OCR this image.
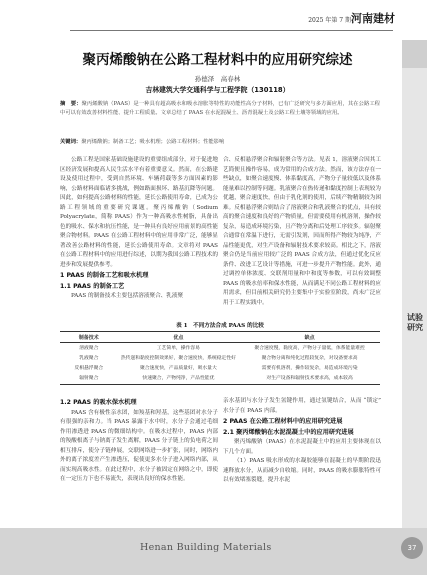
2025 年第 7 期 河南建材
试验研究
聚丙烯酸钠在公路工程材料中的应用研究综述
孙德泽　高春林
吉林建筑大学交通科学与工程学院（130118）
摘　要：聚丙烯酸钠（PAAS）是一种具有超高吸水和吸水溶胀等特性的功能性高分子材料，已有广泛研究与多方面应用，其在公路工程中可以有效改善材料性能、提升工程质量。文章总结了 PAAS 在水泥混凝土、沥青混凝土及公路工程土壤等领域的应用。
关键词：聚丙烯酸钠；制备工艺；吸水机理；公路工程材料；性能影响

公路工程是国家基础设施建设的重要组成部分，对于促进地区经济发展和提高人民生活水平有着重要意义。然而，在公路建设及使用过程中，受到自然环境、车辆荷载等多方面因素的影响，公路材料面临诸多挑战，例如路面损坏、路基沉降等问题。因此，如何提高公路材料的性能，延长公路使用寿命，已成为公路工程领域的重要研究课题。聚丙烯酸钠（Sodium Polyacrylate，简称 PAAS）作为一种高吸水性树脂，具备出色的吸水、保水和抗压性能，是一种具有良好应用前景的高性能聚合物材料。PAAS 在公路工程材料中的应用非常广泛，能够显著改善公路材料的性能，延长公路使用寿命。文章将对 PAAS 在公路工程材料中的应用进行综述，以期为我国公路工程技术的进步和发展提供参考。

1 PAAS 的制备工艺和吸水机理
1.1 PAAS 的制备工艺

PAAS 的制备技术主要包括溶液聚合、乳液聚

合、反相悬浮聚合和辐射聚合等方法。见表 1，溶液聚合因其工艺简便且操作容易，成为常用的合成方法。然而，该方法存在一些缺点，如聚合速度慢、体系黏度高，产物分子量较低以及体系能量难以控制等问题。乳液聚合在热传递和黏度控制上表现较为优越，聚合速度快，但由于乳化剂的使用，后续产物精制较为困难。反相悬浮聚合则结合了溶液聚合和乳液聚合的优点，具有较高的聚合速度和良好的产物质量，但需要使用有机溶剂，操作较复杂，易造成环境污染，且产物分离和后处理工序较多。辐射聚合通常在常温下进行，无需引发剂，因而所得产物较为纯净，产品性能更优，对生产设备和辐射技术要求较高。相比之下，溶液聚合仍是当前应用较广泛的 PAAS 合成方法，但通过优化反应条件、改进工艺设计等措施，可进一步提升产物性能。此外，通过调控单体浓度、交联剂用量和中和度等参数，可以有效调整 PAAS 的吸水倍率和保水性能，从而满足不同公路工程材料的应用需求，但目前相关研究仍主要集中于实验室阶段，尚未广泛应用于工程实践中。

表 1　不同方法合成 PAAS 的比较
制备技术	优点	缺点
溶液聚合	工艺简单，操作容易	聚合速度慢，黏度高，产物分子量低，体系能量难控
乳液聚合	热传递和黏度控制效果好，聚合速度快，系统稳定性好	聚合物分离和纯化过程较复杂，对设备要求高
反相悬浮聚合	聚合速度快，产品质量好，吸水量大	需要有机溶剂，操作较复杂，易造成环境污染
辐射聚合	快速聚合，产物纯净，产品性能优	对生产设备和辐射技术要求高，成本较高
1.2 PAAS 的吸水保水机理

PAAS 含有极性亲水团，如羧基和羟基，这些基团对水分子有很强的亲和力。当 PAAS 暴露于水中时，水分子会通过毛细作用渗透进 PAAS 的微细结构中。在吸水过程中，PAAS 内部的羧酸根离子与钠离子发生离解，PAAS 分子链上的负电荷之间相互排斥，使分子链伸展，交联网络进一步扩张，同时，网络内外的离子浓度差产生渗透压，促使更多水分子进入网络内部，从而实现高吸水性。在此过程中，水分子被固定在网络之中，即使在一定压力下也不易流失，表现出良好的保水性能。

亲水基团与水分子发生氢键作用，通过氢键结合，从而 “锁定” 水分子在 PAAS 内部。

2 PAAS 在公路工程材料中的应用研究进展
2.1 聚丙烯酸钠在水泥混凝土中的应用研究进展

聚丙烯酸钠（PAAS）在水泥混凝土中的应用主要体现在以下几个方面。

（1）PAAS 吸水形成的水凝胶能够在混凝土的早期阶段迅速释放水分，从而减少自收缩。同时，PAAS 的吸水膨胀特性可以有效堵塞裂缝，提升水泥

Henan Building Materials	37
